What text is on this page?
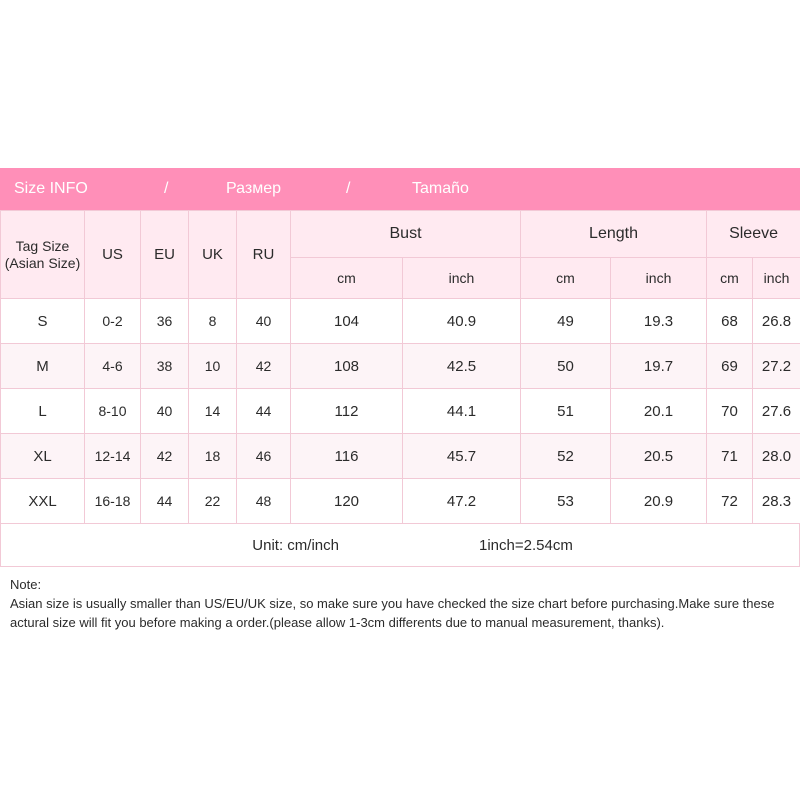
Size INFO	/	Размер	/	Tamaño
Tag Size
(Asian Size)	US	EU	UK	RU	Bust		Length		Sleeve	
					cm	inch	cm	inch	cm	inch
S	0-2	36	8	40	104	40.9	49	19.3	68	26.8
M	4-6	38	10	42	108	42.5	50	19.7	69	27.2
L	8-10	40	14	44	112	44.1	51	20.1	70	27.6
XL	12-14	42	18	46	116	45.7	52	20.5	71	28.0
XXL	16-18	44	22	48	120	47.2	53	20.9	72	28.3
Unit: cm/inch	1inch=2.54cm
Note:
Asian size is usually smaller than US/EU/UK size, so make sure you have checked the size chart before purchasing.Make sure these actural size will fit you before making a order.(please allow 1-3cm differents due to manual measurement, thanks).
